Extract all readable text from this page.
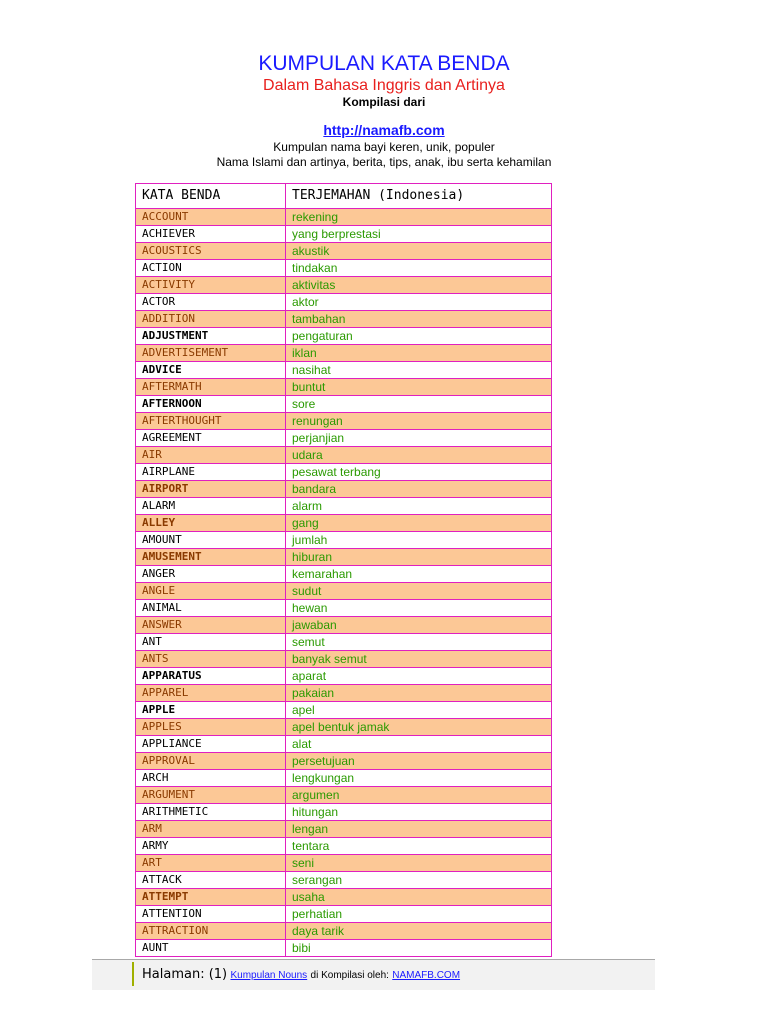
KUMPULAN KATA BENDA
Dalam Bahasa Inggris dan Artinya
Kompilasi dari
http://namafb.com
Kumpulan nama bayi keren, unik, populer
Nama Islami dan artinya, berita, tips, anak, ibu serta kehamilan
KATA BENDA	TERJEMAHAN (Indonesia)
ACCOUNT	rekening
ACHIEVER	yang berprestasi
ACOUSTICS	akustik
ACTION	tindakan
ACTIVITY	aktivitas
ACTOR	aktor
ADDITION	tambahan
ADJUSTMENT	pengaturan
ADVERTISEMENT	iklan
ADVICE	nasihat
AFTERMATH	buntut
AFTERNOON	sore
AFTERTHOUGHT	renungan
AGREEMENT	perjanjian
AIR	udara
AIRPLANE	pesawat terbang
AIRPORT	bandara
ALARM	alarm
ALLEY	gang
AMOUNT	jumlah
AMUSEMENT	hiburan
ANGER	kemarahan
ANGLE	sudut
ANIMAL	hewan
ANSWER	jawaban
ANT	semut
ANTS	banyak semut
APPARATUS	aparat
APPAREL	pakaian
APPLE	apel
APPLES	apel bentuk jamak
APPLIANCE	alat
APPROVAL	persetujuan
ARCH	lengkungan
ARGUMENT	argumen
ARITHMETIC	hitungan
ARM	lengan
ARMY	tentara
ART	seni
ATTACK	serangan
ATTEMPT	usaha
ATTENTION	perhatian
ATTRACTION	daya tarik
AUNT	bibi
Halaman: (1) Kumpulan Nouns di Kompilasi oleh: NAMAFB.COM
